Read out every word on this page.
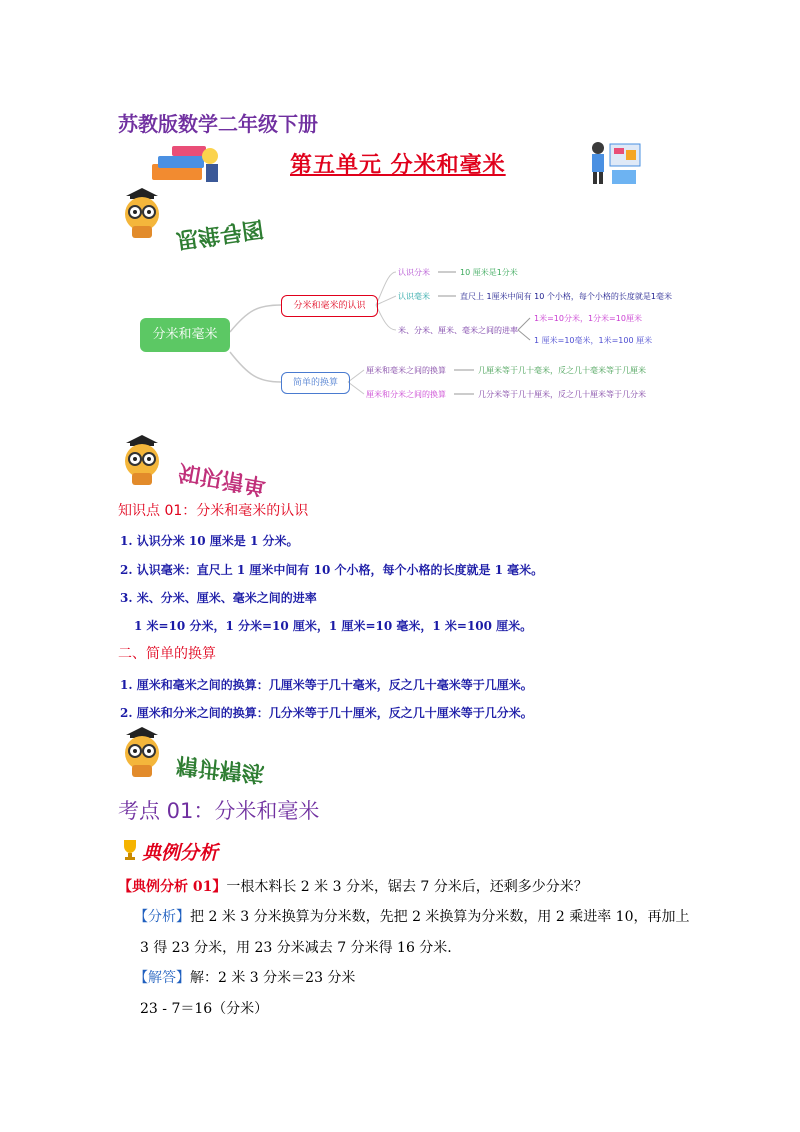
苏教版数学二年级下册
第五单元 分米和毫米
思维导图
分米和毫米
分米和毫米的认识
简单的换算
认识分米	10 厘米是1分米
认识毫米	直尺上 1厘米中间有 10 个小格，每个小格的长度就是1毫米
米、分米、厘米、毫米之间的进率
1米=10分米，1分米=10厘米
1 厘米=10毫米，1米=100 厘米
厘米和毫米之间的换算	几厘米等于几十毫米，反之几十毫米等于几厘米
厘米和分米之间的换算	几分米等于几十厘米，反之几十厘米等于几分米
知识清单
知识点 01：分米和毫米的认识
1. 认识分米 10 厘米是 1 分米。
2. 认识毫米：直尺上 1 厘米中间有 10 个小格，每个小格的长度就是 1 毫米。
3. 米、分米、厘米、毫米之间的进率
1 米=10 分米，1 分米=10 厘米，1 厘米=10 毫米，1 米=100 厘米。
二、简单的换算
1. 厘米和毫米之间的换算：几厘米等于几十毫米，反之几十毫米等于几厘米。
2. 厘米和分米之间的换算：几分米等于几十厘米，反之几十厘米等于几分米。
精讲精练
考点 01：分米和毫米
典例分析
【典例分析 01】一根木料长 2 米 3 分米，锯去 7 分米后，还剩多少分米？
【分析】把 2 米 3 分米换算为分米数，先把 2 米换算为分米数，用 2 乘进率 10，再加上
3 得 23 分米，用 23 分米减去 7 分米得 16 分米.
【解答】解：2 米 3 分米＝23 分米
23 - 7＝16（分米）
